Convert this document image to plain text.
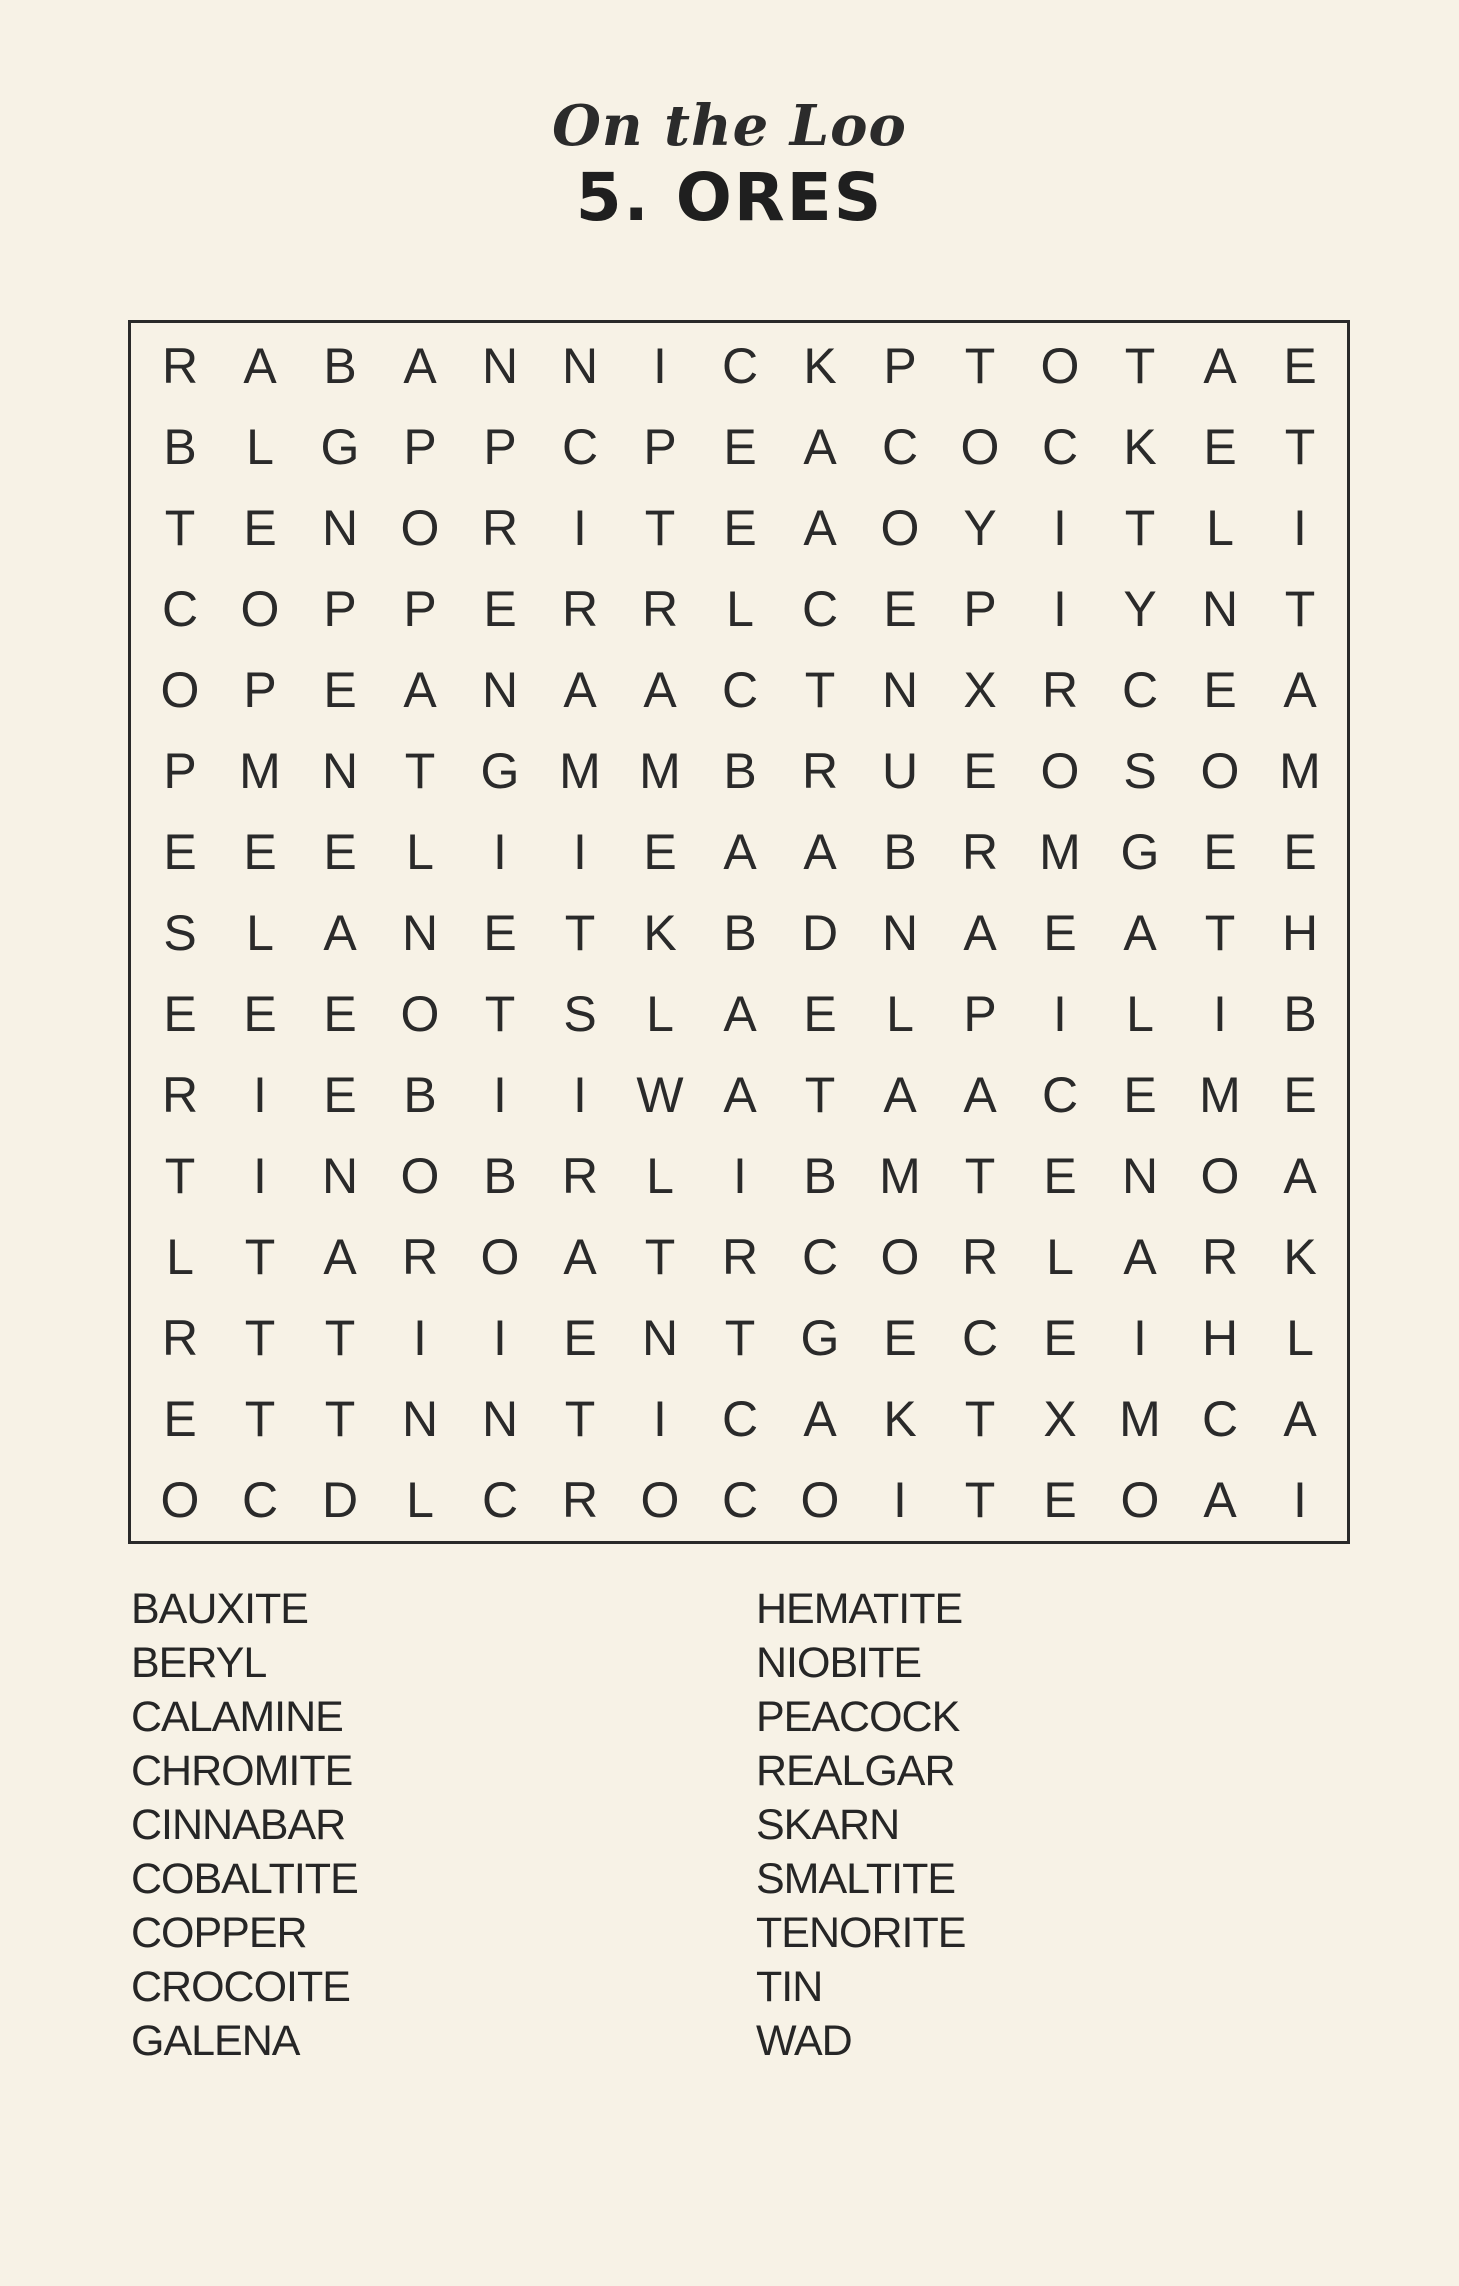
On the Loo
5. ORES
R A B A N N	I	C K P T O T A E
B L G P P C P E A C O C K E T
T E N O R	I	T E A O Y	I	T	L	I
C O P P E R R L C E P	I	Y N T
O P E A N A A C T N X R C E A
P M N T G M M B R U E O S O M
E E E L	I	I	E A A B R M G E E
S L A N E T K B D N A E A T H
E E E O T S L A E L P	I	L	I	B
R	I	E B	I	I W A T A A C E M E
T	I	N O B R L	I	B M T E N O A
L	T A R O A T R C O R L A R K
R T T	I	I	E N T G E C E	I	H L
E T T N N T	I	C A K T X M C A
O C D L C R O C O	I	T E O A	I
BAUXITE
BERYL
CALAMINE
CHROMITE
CINNABAR
COBALTITE
COPPER
CROCOITE
GALENA
HEMATITE
NIOBITE
PEACOCK
REALGAR
SKARN
SMALTITE
TENORITE
TIN
WAD
